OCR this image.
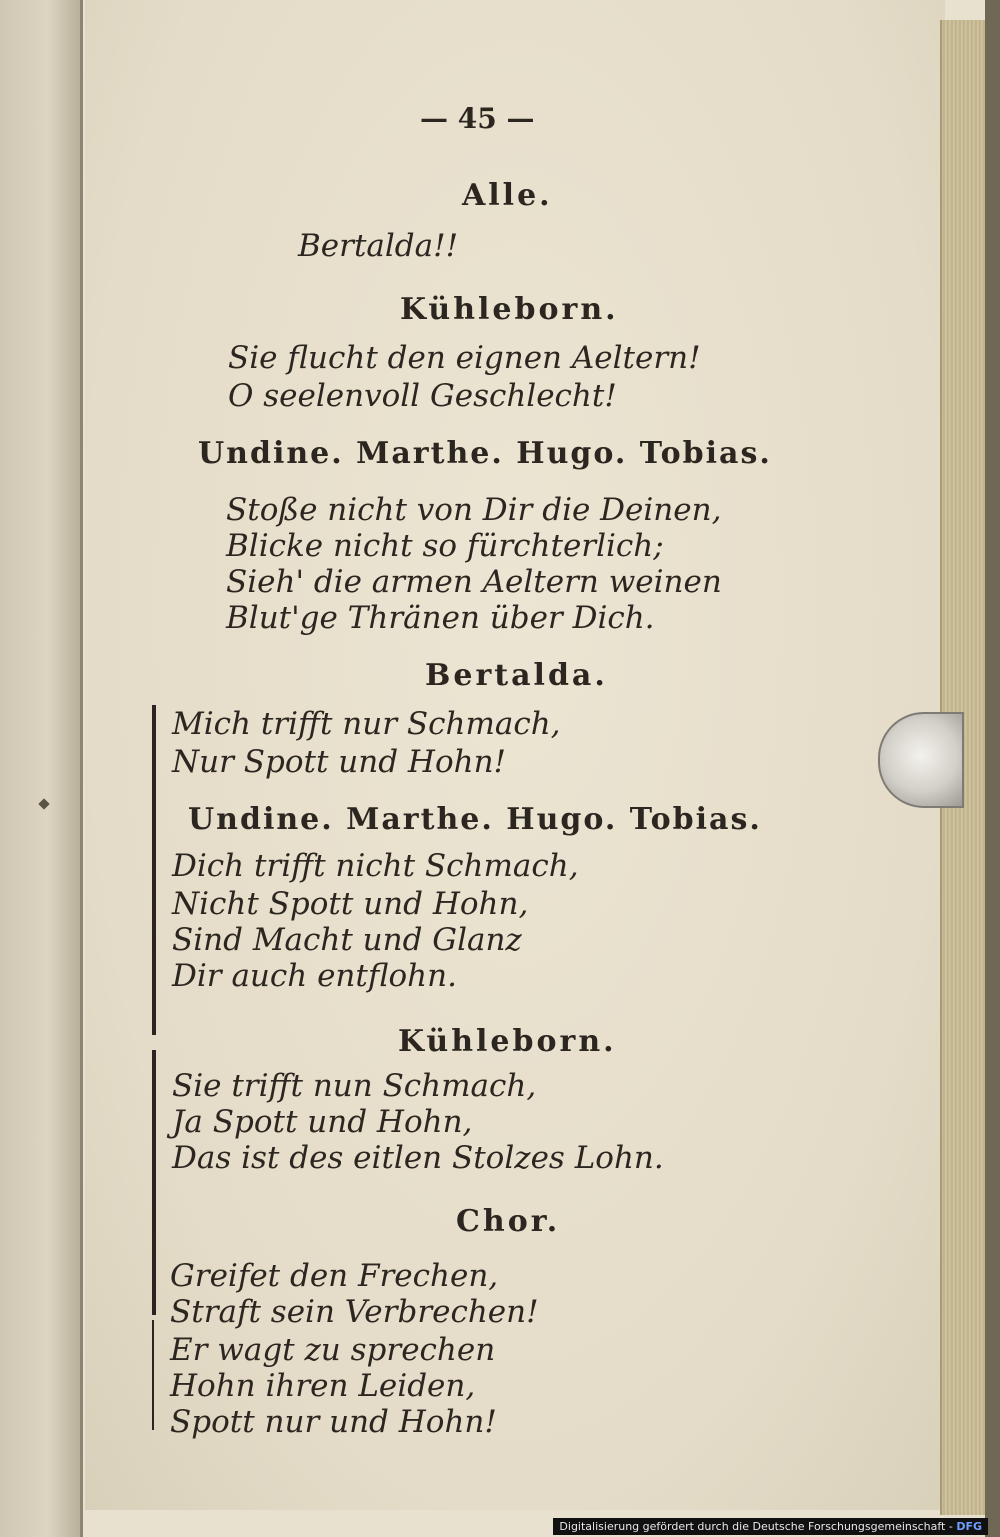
— 45 —
Alle.
Bertalda!!
Kühleborn.
Sie flucht den eignen Aeltern!
O seelenvoll Geschlecht!
Undine. Marthe. Hugo. Tobias.
Stoße nicht von Dir die Deinen,
Blicke nicht so fürchterlich;
Sieh' die armen Aeltern weinen
Blut'ge Thränen über Dich.
Bertalda.
Mich trifft nur Schmach,
Nur Spott und Hohn!
Undine. Marthe. Hugo. Tobias.
Dich trifft nicht Schmach,
Nicht Spott und Hohn,
Sind Macht und Glanz
Dir auch entflohn.
Kühleborn.
Sie trifft nun Schmach,
Ja Spott und Hohn,
Das ist des eitlen Stolzes Lohn.
Chor.
Greifet den Frechen,
Straft sein Verbrechen!
Er wagt zu sprechen
Hohn ihren Leiden,
Spott nur und Hohn!
Digitalisierung gefördert durch die Deutsche Forschungsgemeinschaft - DFG
